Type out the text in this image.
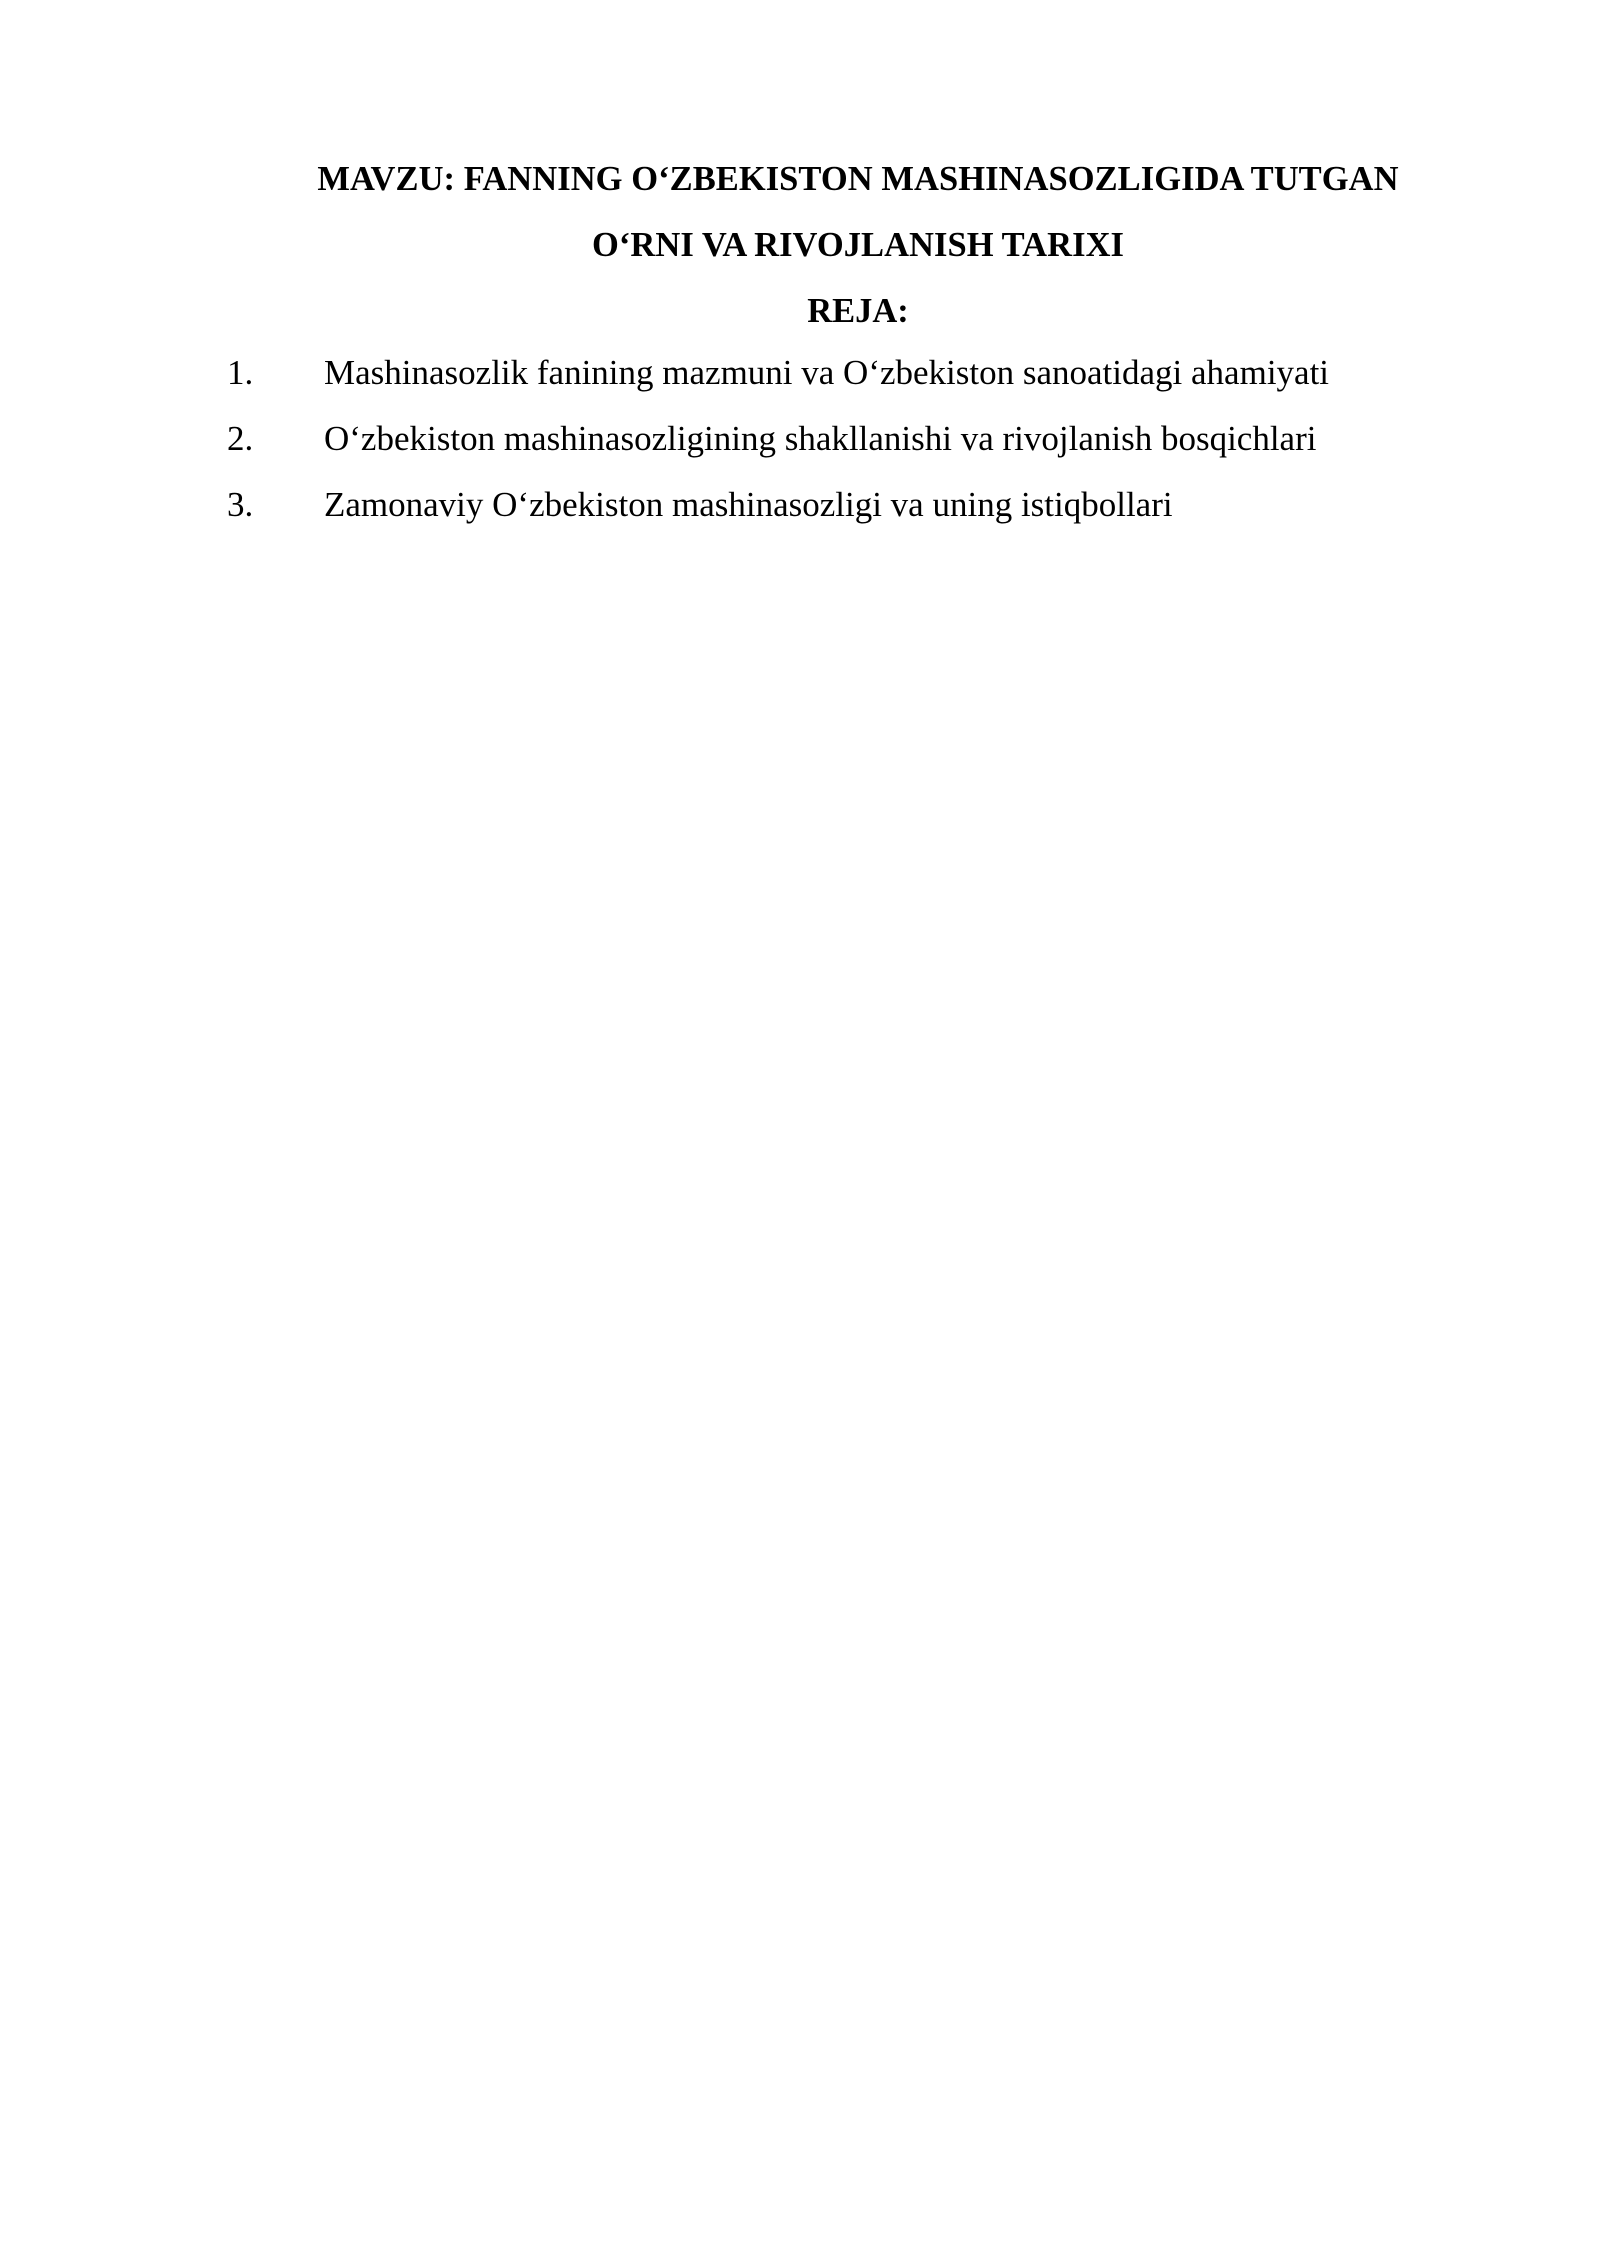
MAVZU: FANNING O‘ZBEKISTON MASHINASOZLIGIDA TUTGAN
O‘RNI VA RIVOJLANISH TARIXI
REJA:
1.	Mashinasozlik fanining mazmuni va O‘zbekiston sanoatidagi ahamiyati
2.	O‘zbekiston mashinasozligining shakllanishi va rivojlanish bosqichlari
3.	Zamonaviy O‘zbekiston mashinasozligi va uning istiqbollari
